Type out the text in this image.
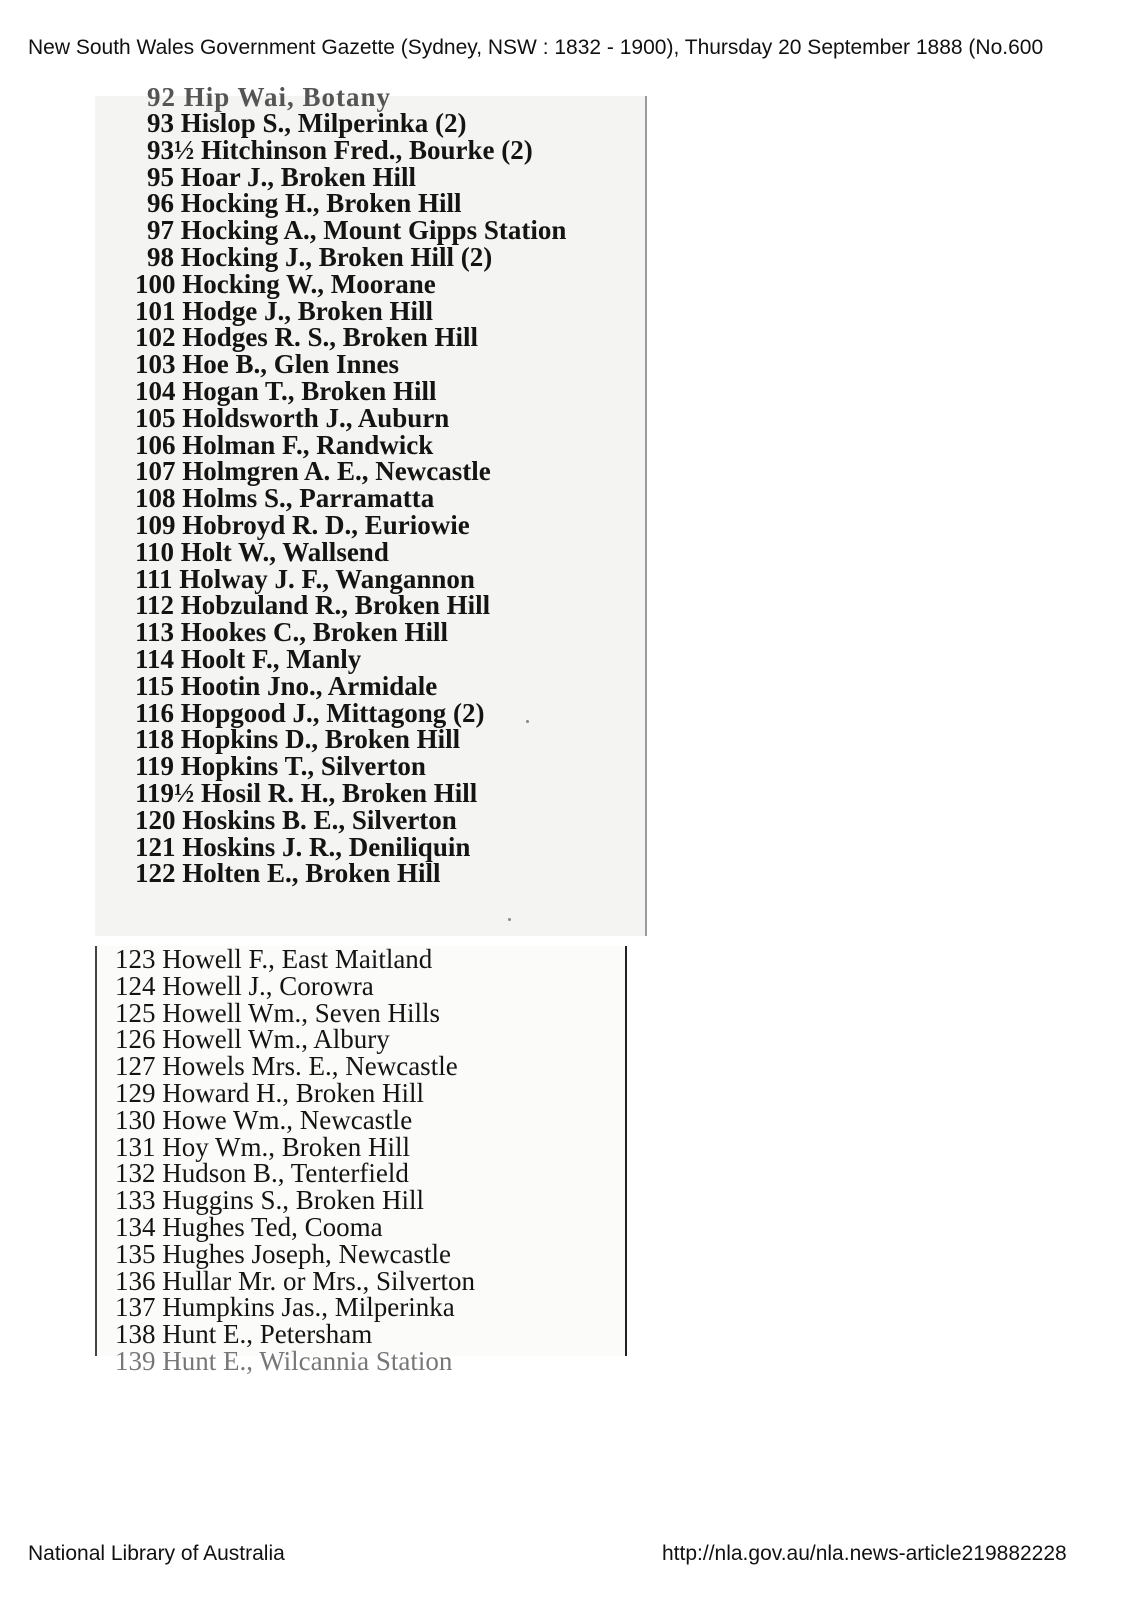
New South Wales Government Gazette (Sydney, NSW : 1832 - 1900), Thursday 20 September 1888 (No.600
92 Hip Wai, Botany
93 Hislop S., Milperinka (2)
93½ Hitchinson Fred., Bourke (2)
95 Hoar J., Broken Hill
96 Hocking H., Broken Hill
97 Hocking A., Mount Gipps Station
98 Hocking J., Broken Hill (2)
100 Hocking W., Moorane
101 Hodge J., Broken Hill
102 Hodges R. S., Broken Hill
103 Hoe B., Glen Innes
104 Hogan T., Broken Hill
105 Holdsworth J., Auburn
106 Holman F., Randwick
107 Holmgren A. E., Newcastle
108 Holms S., Parramatta
109 Hobroyd R. D., Euriowie
110 Holt W., Wallsend
111 Holway J. F., Wangannon
112 Hobzuland R., Broken Hill
113 Hookes C., Broken Hill
114 Hoolt F., Manly
115 Hootin Jno., Armidale
116 Hopgood J., Mittagong (2)
118 Hopkins D., Broken Hill
119 Hopkins T., Silverton
119½ Hosil R. H., Broken Hill
120 Hoskins B. E., Silverton
121 Hoskins J. R., Deniliquin
122 Holten E., Broken Hill
123 Howell F., East Maitland
124 Howell J., Corowra
125 Howell Wm., Seven Hills
126 Howell Wm., Albury
127 Howels Mrs. E., Newcastle
129 Howard H., Broken Hill
130 Howe Wm., Newcastle
131 Hoy Wm., Broken Hill
132 Hudson B., Tenterfield
133 Huggins S., Broken Hill
134 Hughes Ted, Cooma
135 Hughes Joseph, Newcastle
136 Hullar Mr. or Mrs., Silverton
137 Humpkins Jas., Milperinka
138 Hunt E., Petersham
139 Hunt E., Wilcannia Station
National Library of Australia	http://nla.gov.au/nla.news-article219882228
